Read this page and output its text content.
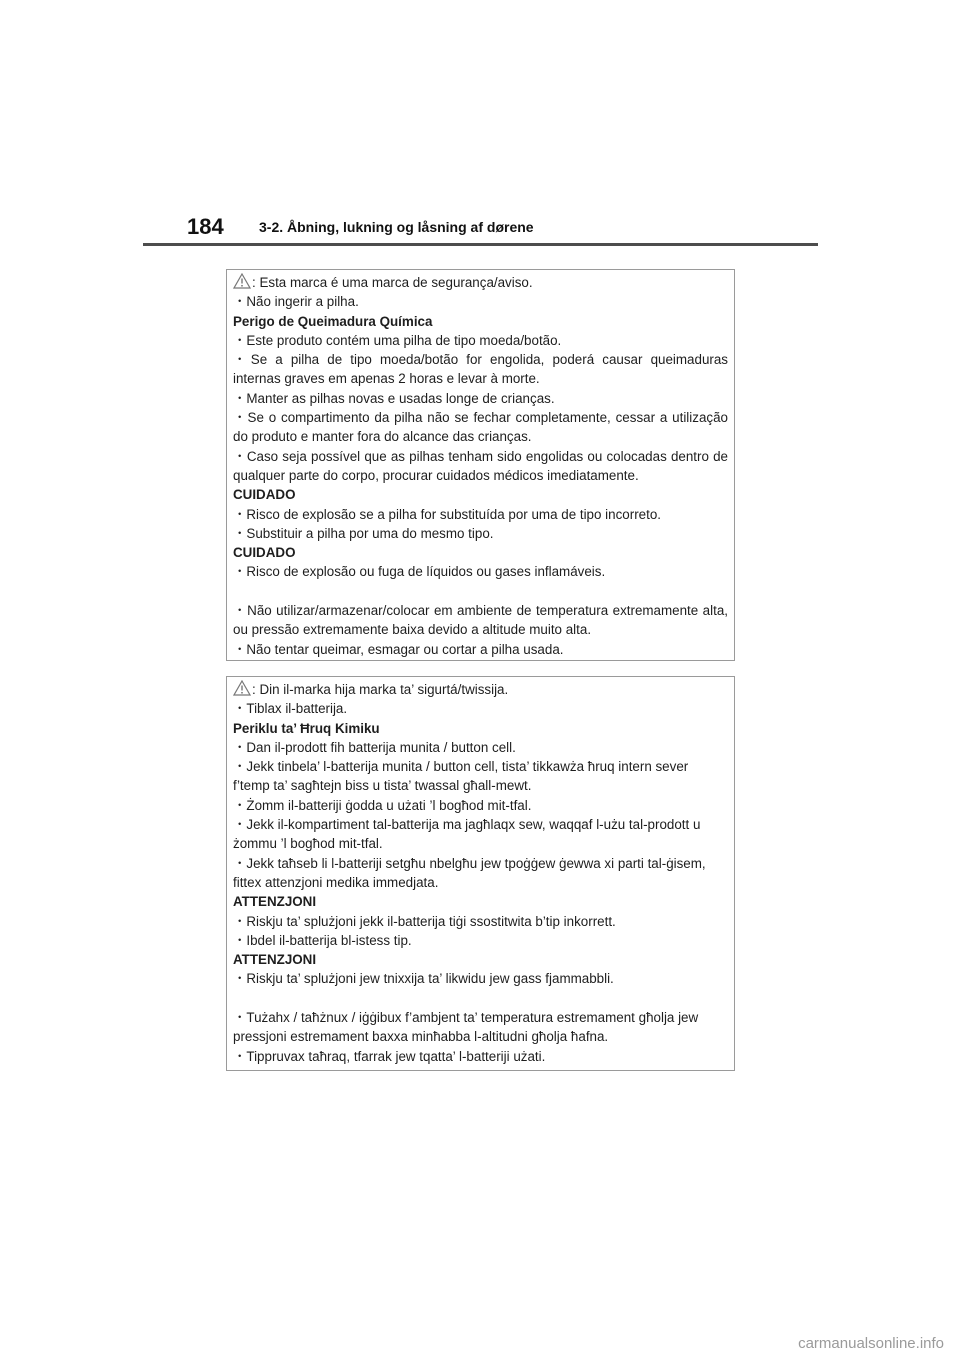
184	3-2. Åbning, lukning og låsning af dørene
: Esta marca é uma marca de segurança/aviso.
・Não ingerir a pilha.
Perigo de Queimadura Química
・Este produto contém uma pilha de tipo moeda/botão.
・Se a pilha de tipo moeda/botão for engolida, poderá causar queimaduras
internas graves em apenas 2 horas e levar à morte.
・Manter as pilhas novas e usadas longe de crianças.
・Se o compartimento da pilha não se fechar completamente, cessar a utilização
do produto e manter fora do alcance das crianças.
・Caso seja possível que as pilhas tenham sido engolidas ou colocadas dentro de
qualquer parte do corpo, procurar cuidados médicos imediatamente.
CUIDADO
・Risco de explosão se a pilha for substituída por uma de tipo incorreto.
・Substituir a pilha por uma do mesmo tipo.
CUIDADO
・Risco de explosão ou fuga de líquidos ou gases inflamáveis.
・Não utilizar/armazenar/colocar em ambiente de temperatura extremamente alta,
ou pressão extremamente baixa devido a altitude muito alta.
・Não tentar queimar, esmagar ou cortar a pilha usada.
: Din il-marka hija marka ta’ sigurtá/twissija.
・Tiblax il-batterija.
Periklu ta’ Ħruq Kimiku
・Dan il-prodott fih batterija munita / button cell.
・Jekk tinbela’ l-batterija munita / button cell, tista’ tikkawża ħruq intern sever
f’temp ta’ sagħtejn biss u tista’ twassal għall-mewt.
・Żomm il-batteriji ġodda u użati ’l bogħod mit-tfal.
・Jekk il-kompartiment tal-batterija ma jagħlaqx sew, waqqaf l-użu tal-prodott u
żommu ’l bogħod mit-tfal.
・Jekk taħseb li l-batteriji setgħu nbelgħu jew tpoġġew ġewwa xi parti tal-ġisem,
fittex attenzjoni medika immedjata.
ATTENZJONI
・Riskju ta’ splużjoni jekk il-batterija tiġi ssostitwita b’tip inkorrett.
・Ibdel il-batterija bl-istess tip.
ATTENZJONI
・Riskju ta’ splużjoni jew tnixxija ta’ likwidu jew gass fjammabbli.
・Tużahx / taħżnux / iġġibux f’ambjent ta’ temperatura estremament għolja jew
pressjoni estremament baxxa minħabba l-altitudni għolja ħafna.
・Tippruvax taħraq, tfarrak jew tqatta’ l-batteriji użati.
carmanualsonline.info
